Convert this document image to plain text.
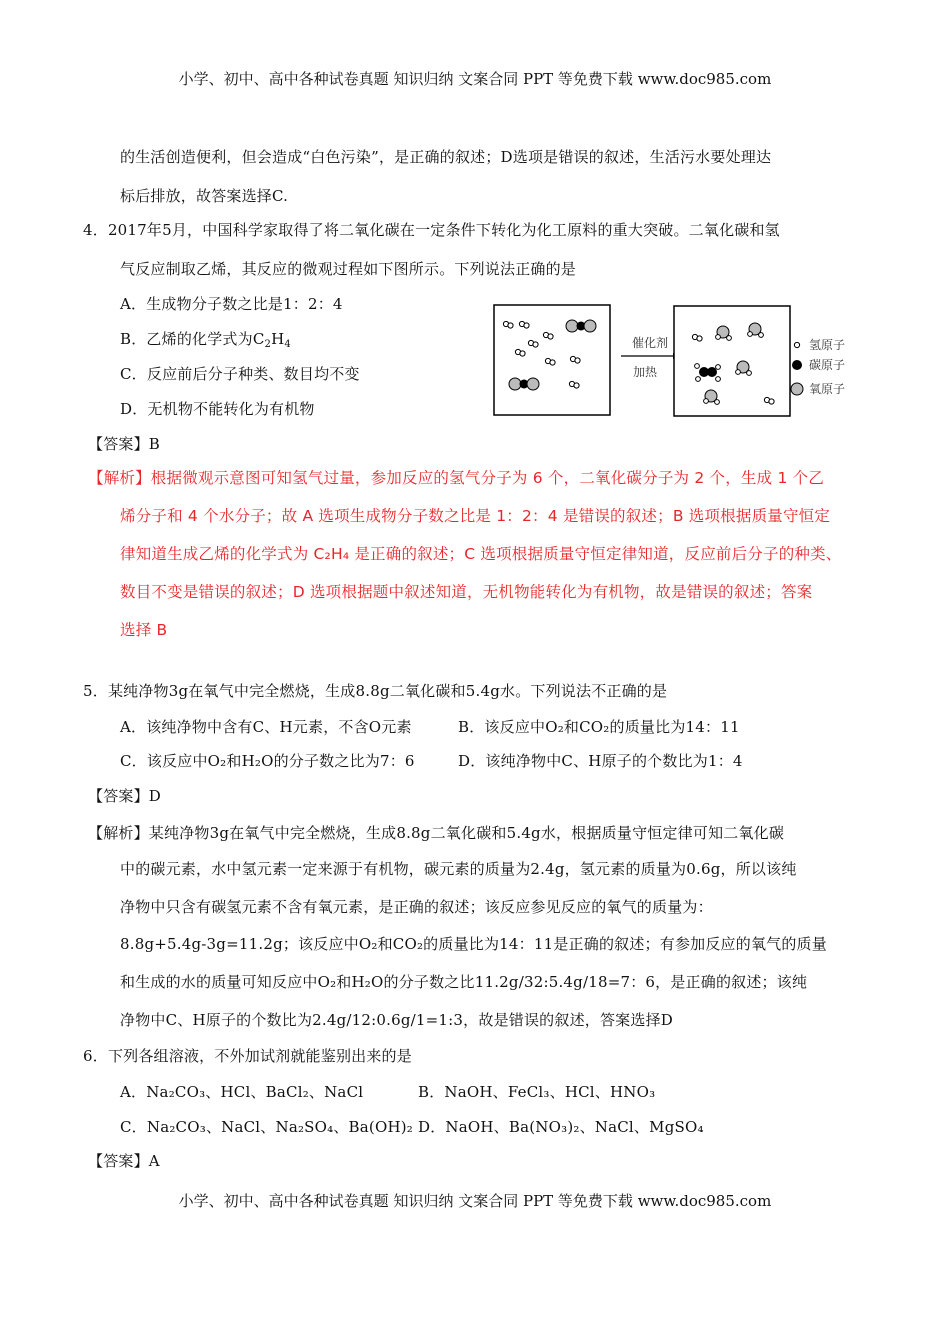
小学、初中、高中各种试卷真题 知识归纳 文案合同 PPT 等免费下载 www.doc985.com
的生活创造便利，但会造成“白色污染”，是正确的叙述；D选项是错误的叙述，生活污水要处理达
标后排放，故答案选择C.
4．2017年5月，中国科学家取得了将二氧化碳在一定条件下转化为化工原料的重大突破。二氧化碳和氢
气反应制取乙烯，其反应的微观过程如下图所示。下列说法正确的是
A．生成物分子数之比是1：2：4
B．乙烯的化学式为$C_2H_4$
C．反应前后分子种类、数目均不变
D．无机物不能转化为有机物
【答案】B
催化剂
加热
氢原子
碳原子
氧原子
【解析】根据微观示意图可知氢气过量，参加反应的氢气分子为 6 个，二氧化碳分子为 2 个，生成 1 个乙
烯分子和 4 个水分子；故 A 选项生成物分子数之比是 1：2：4 是错误的叙述；B 选项根据质量守恒定
律知道生成乙烯的化学式为 C₂H₄ 是正确的叙述；C 选项根据质量守恒定律知道，反应前后分子的种类、
数目不变是错误的叙述；D 选项根据题中叙述知道，无机物能转化为有机物，故是错误的叙述；答案
选择 B
5．某纯净物3g在氧气中完全燃烧，生成8.8g二氧化碳和5.4g水。下列说法不正确的是
A．该纯净物中含有C、H元素，不含O元素	B．该反应中O₂和CO₂的质量比为14：11
C．该反应中O₂和H₂O的分子数之比为7：6	D．该纯净物中C、H原子的个数比为1：4
【答案】D
【解析】某纯净物3g在氧气中完全燃烧，生成8.8g二氧化碳和5.4g水，根据质量守恒定律可知二氧化碳
中的碳元素，水中氢元素一定来源于有机物，碳元素的质量为2.4g，氢元素的质量为0.6g，所以该纯
净物中只含有碳氢元素不含有氧元素，是正确的叙述；该反应参见反应的氧气的质量为：
8.8g+5.4g-3g=11.2g；该反应中O₂和CO₂的质量比为14：11是正确的叙述；有参加反应的氧气的质量
和生成的水的质量可知反应中O₂和H₂O的分子数之比11.2g/32:5.4g/18=7：6，是正确的叙述；该纯
净物中C、H原子的个数比为2.4g/12:0.6g/1=1:3，故是错误的叙述，答案选择D
6．下列各组溶液，不外加试剂就能鉴别出来的是
A．Na₂CO₃、HCl、BaCl₂、NaCl	B．NaOH、FeCl₃、HCl、HNO₃
C．Na₂CO₃、NaCl、Na₂SO₄、Ba(OH)₂ D．NaOH、Ba(NO₃)₂、NaCl、MgSO₄
【答案】A
小学、初中、高中各种试卷真题 知识归纳 文案合同 PPT 等免费下载 www.doc985.com
